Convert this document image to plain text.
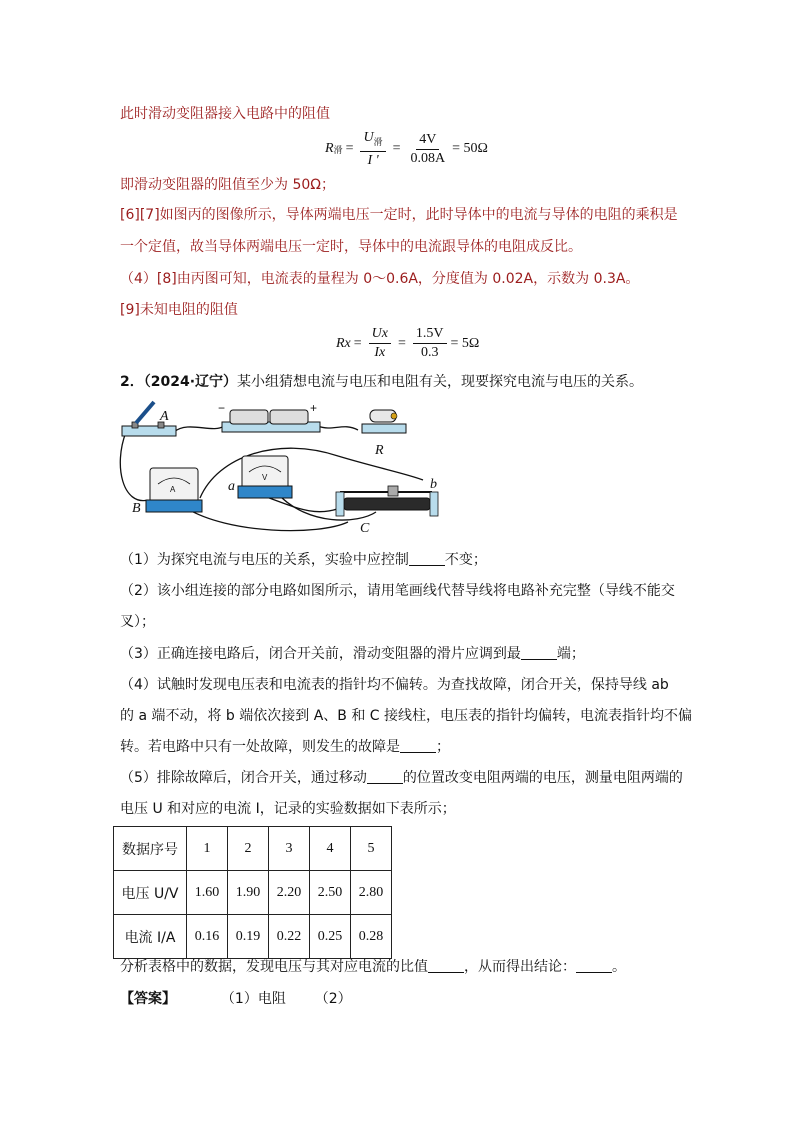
此时滑动变阻器接入电路中的阻值
R 滑 = $\frac{U_滑}{I '} = \frac{4V}{0.08A} = 50\Omega$
即滑动变阻器的阻值至少为 50Ω；
[6][7]如图丙的图像所示，导体两端电压一定时，此时导体中的电流与导体的电阻的乘积是
一个定值，故当导体两端电压一定时，导体中的电流跟导体的电阻成反比。
（4）[8]由丙图可知，电流表的量程为 0～0.6A，分度值为 0.02A，示数为 0.3A。
[9]未知电阻的阻值
$Rx = \frac{Ux}{Ix} = \frac{1.5V}{0.3} = 5\Omega$
2．（2024·辽宁）某小组猜想电流与电压和电阻有关，现要探究电流与电压的关系。
A
B
C
a	b
R
−	+
A
V
（1）为探究电流与电压的关系，实验中应控制	不变；
（2）该小组连接的部分电路如图所示，请用笔画线代替导线将电路补充完整（导线不能交
叉）；
（3）正确连接电路后，闭合开关前，滑动变阻器的滑片应调到最	端；
（4）试触时发现电压表和电流表的指针均不偏转。为查找故障，闭合开关，保持导线 ab
的 a 端不动，将 b 端依次接到 A、B 和 C 接线柱，电压表的指针均偏转，电流表指针均不偏
转。若电路中只有一处故障，则发生的故障是	；
（5）排除故障后，闭合开关，通过移动	的位置改变电阻两端的电压，测量电阻两端的
电压 U 和对应的电流 I，记录的实验数据如下表所示；
数据序号	1	2	3	4	5
电压 U/V	1.60	1.90	2.20	2.50	2.80
电流 I/A	0.16	0.19	0.22	0.25	0.28
分析表格中的数据，发现电压与其对应电流的比值	，从而得出结论：	。
【答案】	（1）电阻 （2）
